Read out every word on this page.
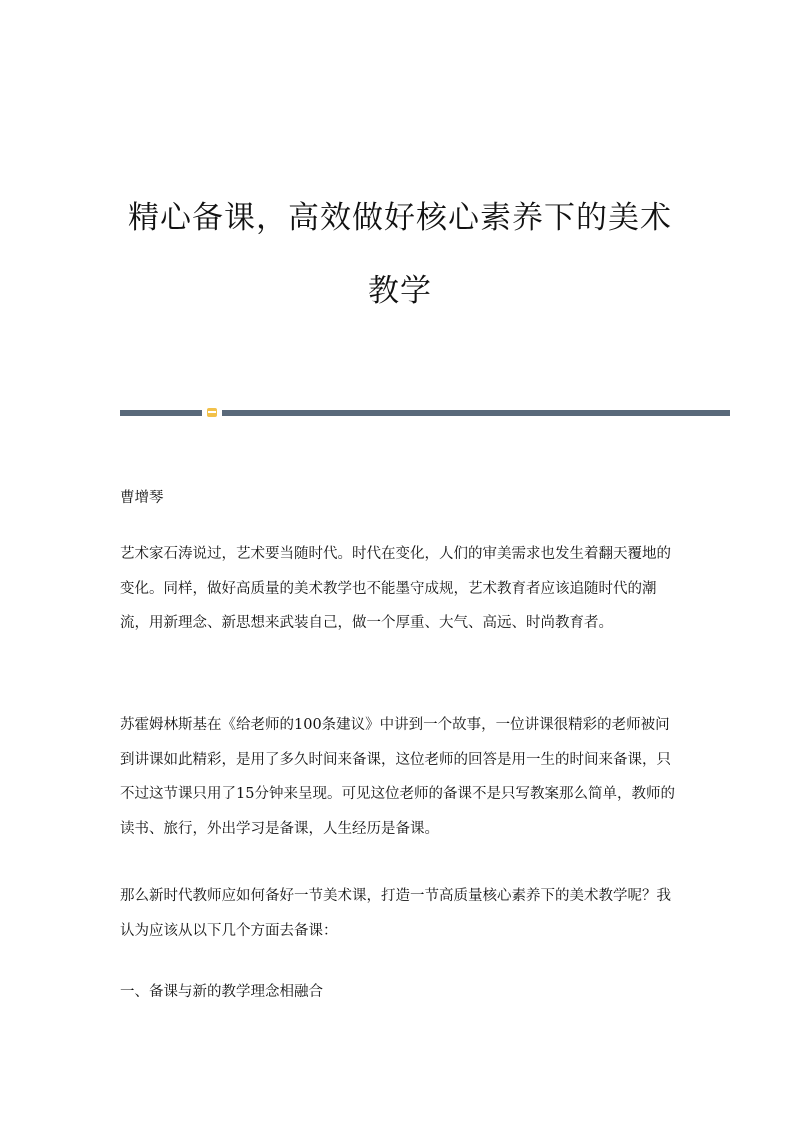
精心备课，高效做好核心素养下的美术
教学

曹增琴

艺术家石涛说过，艺术要当随时代。时代在变化，人们的审美需求也发生着翻天覆地的变化。同样，做好高质量的美术教学也不能墨守成规，艺术教育者应该追随时代的潮流，用新理念、新思想来武装自己，做一个厚重、大气、高远、时尚教育者。

苏霍姆林斯基在《给老师的100条建议》中讲到一个故事，一位讲课很精彩的老师被问到讲课如此精彩，是用了多久时间来备课，这位老师的回答是用一生的时间来备课，只不过这节课只用了15分钟来呈现。可见这位老师的备课不是只写教案那么简单，教师的读书、旅行，外出学习是备课，人生经历是备课。

那么新时代教师应如何备好一节美术课，打造一节高质量核心素养下的美术教学呢？我认为应该从以下几个方面去备课：

一、备课与新的教学理念相融合
